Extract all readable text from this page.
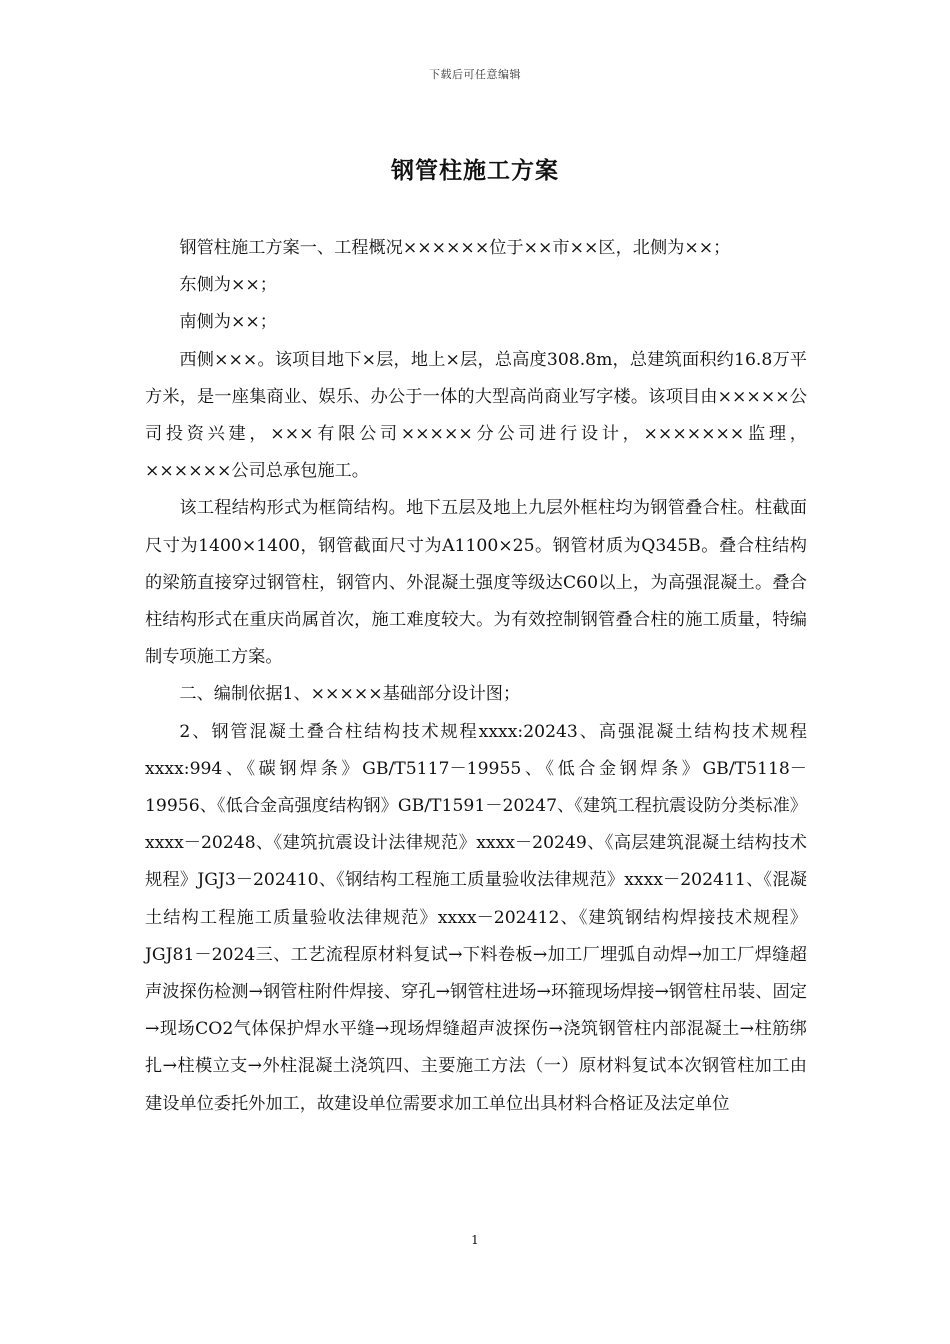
下载后可任意编辑
钢管柱施工方案

钢管柱施工方案一、工程概况××××××位于××市××区，北侧为××；

东侧为××；

南侧为××；

西侧×××。该项目地下×层，地上×层，总高度308.8m，总建筑面积约16.8万平方米，是一座集商业、娱乐、办公于一体的大型高尚商业写字楼。该项目由×××××公司投资兴建，×××有限公司×××××分公司进行设计，×××××××监理，××××××公司总承包施工。

该工程结构形式为框筒结构。地下五层及地上九层外框柱均为钢管叠合柱。柱截面尺寸为1400×1400，钢管截面尺寸为A1100×25。钢管材质为Q345B。叠合柱结构的梁筋直接穿过钢管柱，钢管内、外混凝土强度等级达C60以上，为高强混凝土。叠合柱结构形式在重庆尚属首次，施工难度较大。为有效控制钢管叠合柱的施工质量，特编制专项施工方案。

二、编制依据1、×××××基础部分设计图；

2、钢管混凝土叠合柱结构技术规程xxxx:20243、高强混凝土结构技术规程xxxx:994、《碳钢焊条》GB/T5117－19955、《低合金钢焊条》GB/T5118－19956、《低合金高强度结构钢》GB/T1591－20247、《建筑工程抗震设防分类标准》xxxx－20248、《建筑抗震设计法律规范》xxxx－20249、《高层建筑混凝土结构技术规程》JGJ3－202410、《钢结构工程施工质量验收法律规范》xxxx－202411、《混凝土结构工程施工质量验收法律规范》xxxx－202412、《建筑钢结构焊接技术规程》JGJ81－2024三、工艺流程原材料复试→下料卷板→加工厂埋弧自动焊→加工厂焊缝超声波探伤检测→钢管柱附件焊接、穿孔→钢管柱进场→环箍现场焊接→钢管柱吊装、固定→现场CO2气体保护焊水平缝→现场焊缝超声波探伤→浇筑钢管柱内部混凝土→柱筋绑扎→柱模立支→外柱混凝土浇筑四、主要施工方法（一）原材料复试本次钢管柱加工由建设单位委托外加工，故建设单位需要求加工单位出具材料合格证及法定单位

1
